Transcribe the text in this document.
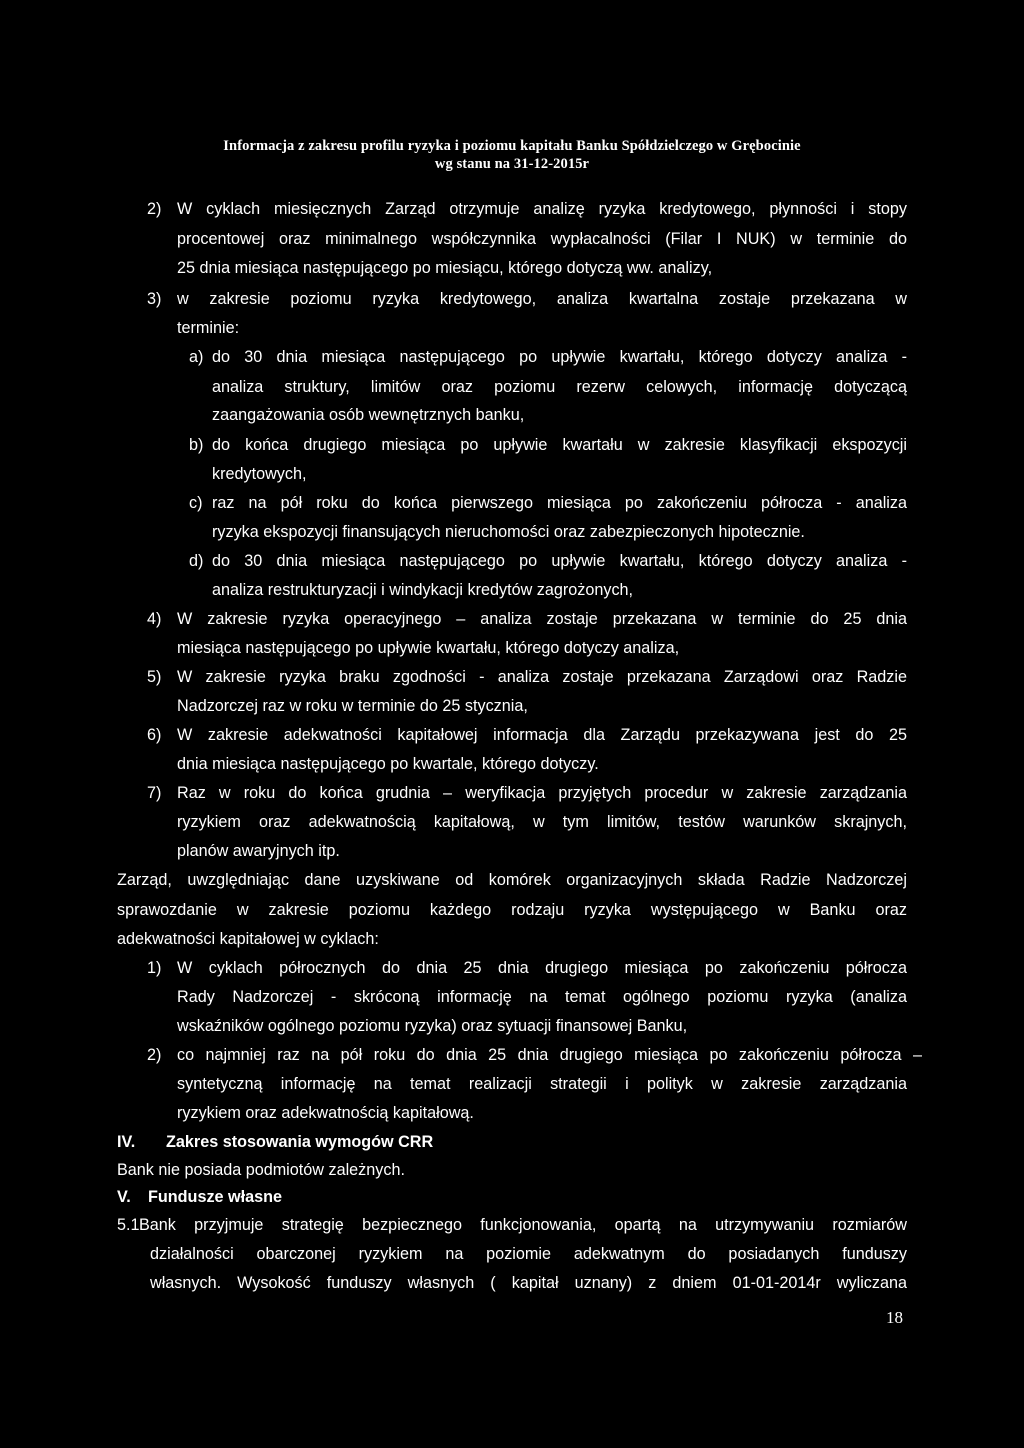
Informacja z zakresu profilu ryzyka i poziomu kapitału Banku Spółdzielczego w Grębocinie
wg stanu na 31-12-2015r
2) W cyklach miesięcznych Zarząd otrzymuje analizę ryzyka kredytowego, płynności i stopy
procentowej oraz minimalnego współczynnika wypłacalności (Filar I NUK) w terminie do
25 dnia miesiąca następującego po miesiącu, którego dotyczą ww. analizy,
3) w zakresie poziomu ryzyka kredytowego, analiza kwartalna zostaje przekazana w
terminie:
a) do 30 dnia miesiąca następującego po upływie kwartału, którego dotyczy analiza -
analiza struktury, limitów oraz poziomu rezerw celowych, informację dotyczącą
zaangażowania osób wewnętrznych banku,
b) do końca drugiego miesiąca po upływie kwartału w zakresie klasyfikacji ekspozycji
kredytowych,
c) raz na pół roku do końca pierwszego miesiąca po zakończeniu półrocza - analiza
ryzyka ekspozycji finansujących nieruchomości oraz zabezpieczonych hipotecznie.
d) do 30 dnia miesiąca następującego po upływie kwartału, którego dotyczy analiza -
analiza restrukturyzacji i windykacji kredytów zagrożonych,
4) W zakresie ryzyka operacyjnego – analiza zostaje przekazana w terminie do 25 dnia
miesiąca następującego po upływie kwartału, którego dotyczy analiza,
5) W zakresie ryzyka braku zgodności - analiza zostaje przekazana Zarządowi oraz Radzie
Nadzorczej raz w roku w terminie do 25 stycznia,
6) W zakresie adekwatności kapitałowej informacja dla Zarządu przekazywana jest do 25
dnia miesiąca następującego po kwartale, którego dotyczy.
7) Raz w roku do końca grudnia – weryfikacja przyjętych procedur w zakresie zarządzania
ryzykiem oraz adekwatnością kapitałową, w tym limitów, testów warunków skrajnych,
planów awaryjnych itp.
Zarząd, uwzględniając dane uzyskiwane od komórek organizacyjnych składa Radzie Nadzorczej
sprawozdanie w zakresie poziomu każdego rodzaju ryzyka występującego w Banku oraz
adekwatności kapitałowej w cyklach:
1) W cyklach półrocznych do dnia 25 dnia drugiego miesiąca po zakończeniu półrocza
Rady Nadzorczej - skróconą informację na temat ogólnego poziomu ryzyka (analiza
wskaźników ogólnego poziomu ryzyka) oraz sytuacji finansowej Banku,
2) co najmniej raz na pół roku do dnia 25 dnia drugiego miesiąca po zakończeniu półrocza –
syntetyczną informację na temat realizacji strategii i polityk w zakresie zarządzania
ryzykiem oraz adekwatnością kapitałową.
IV. Zakres stosowania wymogów CRR
Bank nie posiada podmiotów zależnych.
V. Fundusze własne
5.1 Bank przyjmuje strategię bezpiecznego funkcjonowania, opartą na utrzymywaniu rozmiarów
działalności obarczonej ryzykiem na poziomie adekwatnym do posiadanych funduszy
własnych. Wysokość funduszy własnych ( kapitał uznany) z dniem 01-01-2014r wyliczana
18
